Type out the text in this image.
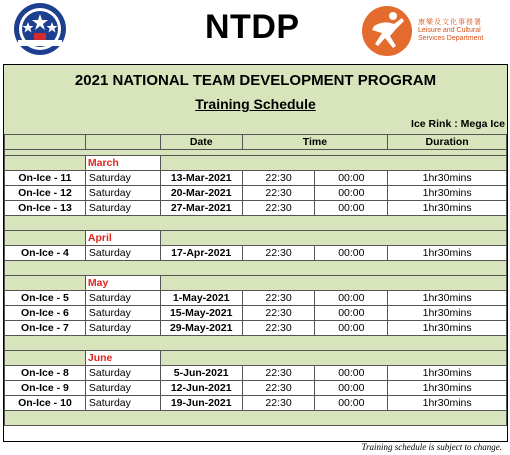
NTDP	康樂及文化事務署
Leisure and Cultural
Services Department
2021 NATIONAL TEAM DEVELOPMENT PROGRAM
Training Schedule
Ice Rink : Mega Ice
		Date	Time		Duration

	March				
On-Ice - 11	Saturday	13-Mar-2021	22:30	00:00	1hr30mins
On-Ice - 12	Saturday	20-Mar-2021	22:30	00:00	1hr30mins
On-Ice - 13	Saturday	27-Mar-2021	22:30	00:00	1hr30mins

	April				
On-Ice - 4	Saturday	17-Apr-2021	22:30	00:00	1hr30mins

	May				
On-Ice - 5	Saturday	1-May-2021	22:30	00:00	1hr30mins
On-Ice - 6	Saturday	15-May-2021	22:30	00:00	1hr30mins
On-Ice - 7	Saturday	29-May-2021	22:30	00:00	1hr30mins

	June				
On-Ice - 8	Saturday	5-Jun-2021	22:30	00:00	1hr30mins
On-Ice - 9	Saturday	12-Jun-2021	22:30	00:00	1hr30mins
On-Ice - 10	Saturday	19-Jun-2021	22:30	00:00	1hr30mins

Training schedule is subject to change.
